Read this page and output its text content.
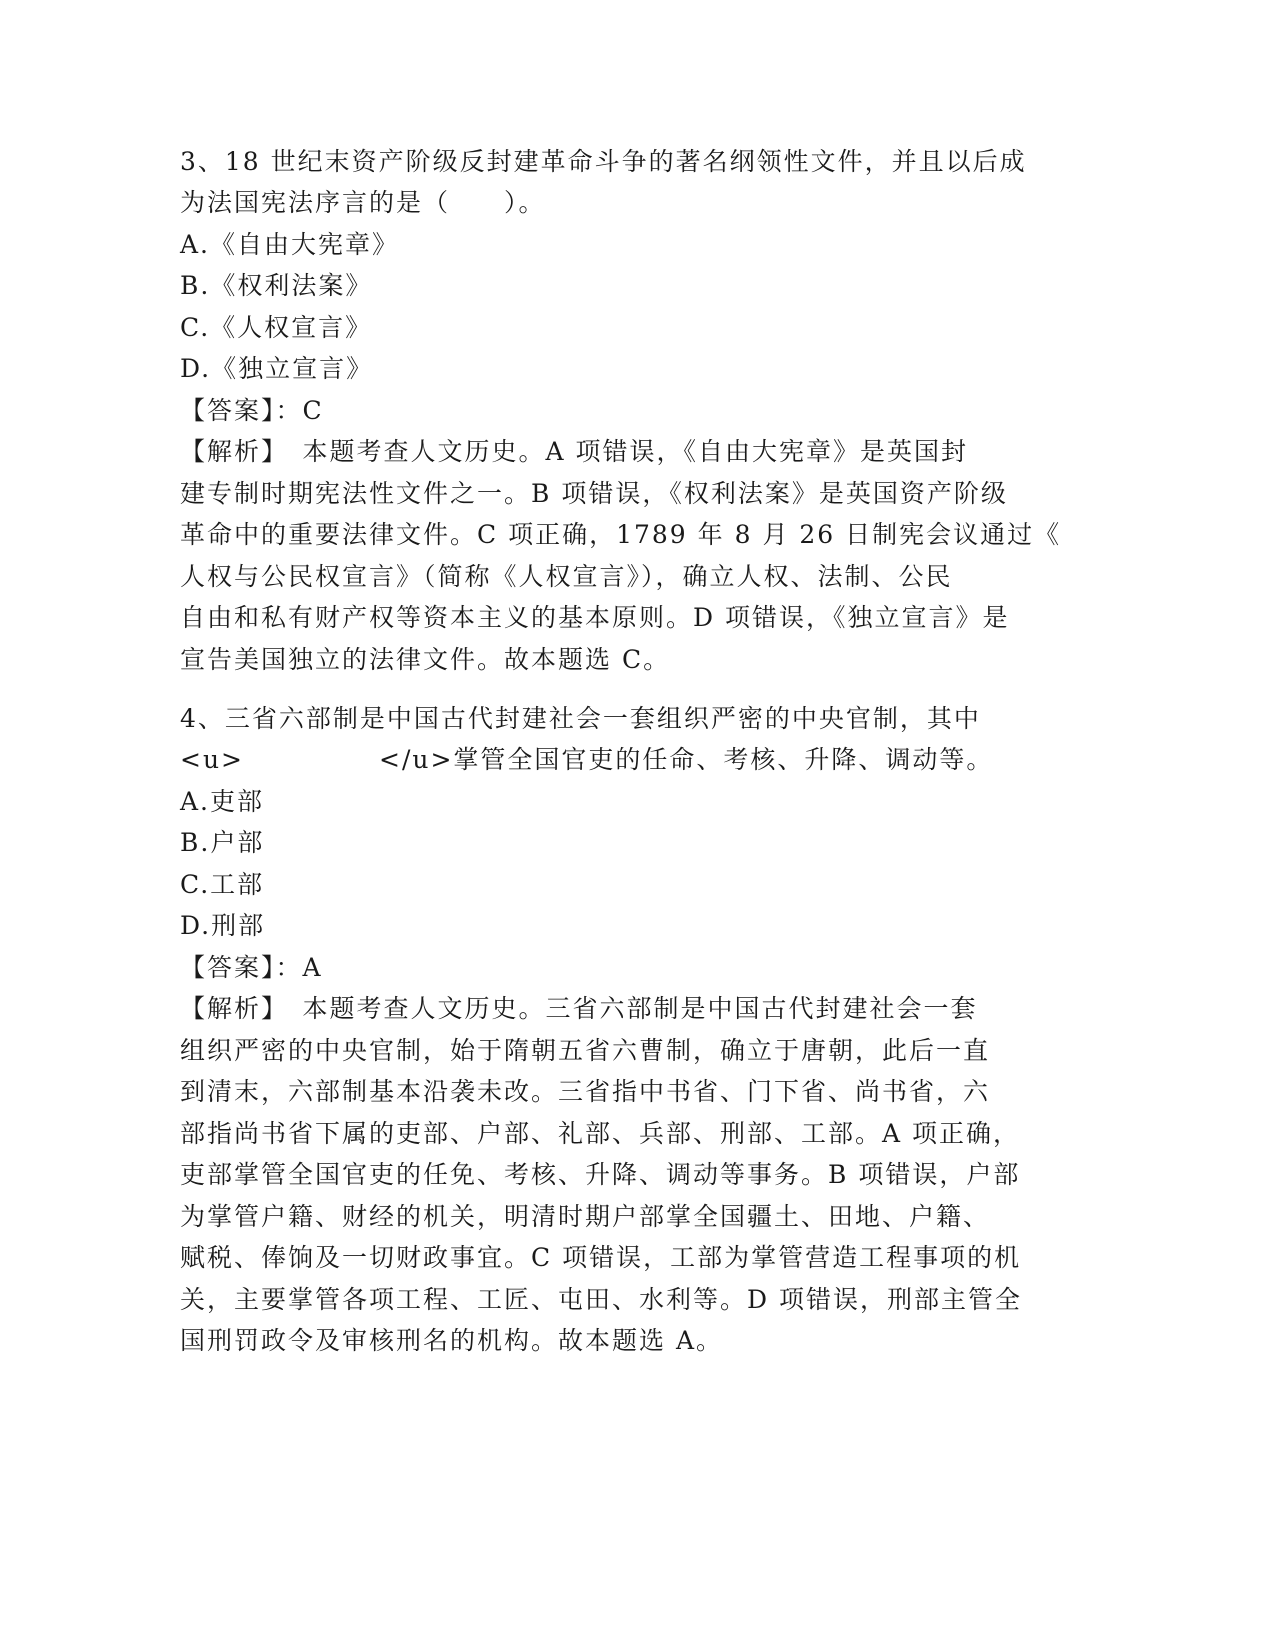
3、18 世纪末资产阶级反封建革命斗争的著名纲领性文件，并且以后成
为法国宪法序言的是（　　）。
A.《自由大宪章》
B.《权利法案》
C.《人权宣言》
D.《独立宣言》
【答案】：C
【解析】　本题考查人文历史。A 项错误，《自由大宪章》是英国封
建专制时期宪法性文件之一。B 项错误，《权利法案》是英国资产阶级
革命中的重要法律文件。C 项正确，1789 年 8 月 26 日制宪会议通过《
人权与公民权宣言》（简称《人权宣言》），确立人权、法制、公民
自由和私有财产权等资本主义的基本原则。D 项错误，《独立宣言》是
宣告美国独立的法律文件。故本题选 C。
4、三省六部制是中国古代封建社会一套组织严密的中央官制，其中
<u>　　　　　</u>掌管全国官吏的任命、考核、升降、调动等。
A.吏部
B.户部
C.工部
D.刑部
【答案】：A
【解析】　本题考查人文历史。三省六部制是中国古代封建社会一套
组织严密的中央官制，始于隋朝五省六曹制，确立于唐朝，此后一直
到清末，六部制基本沿袭未改。三省指中书省、门下省、尚书省，六
部指尚书省下属的吏部、户部、礼部、兵部、刑部、工部。A 项正确，
吏部掌管全国官吏的任免、考核、升降、调动等事务。B 项错误，户部
为掌管户籍、财经的机关，明清时期户部掌全国疆土、田地、户籍、
赋税、俸饷及一切财政事宜。C 项错误，工部为掌管营造工程事项的机
关，主要掌管各项工程、工匠、屯田、水利等。D 项错误，刑部主管全
国刑罚政令及审核刑名的机构。故本题选 A。
